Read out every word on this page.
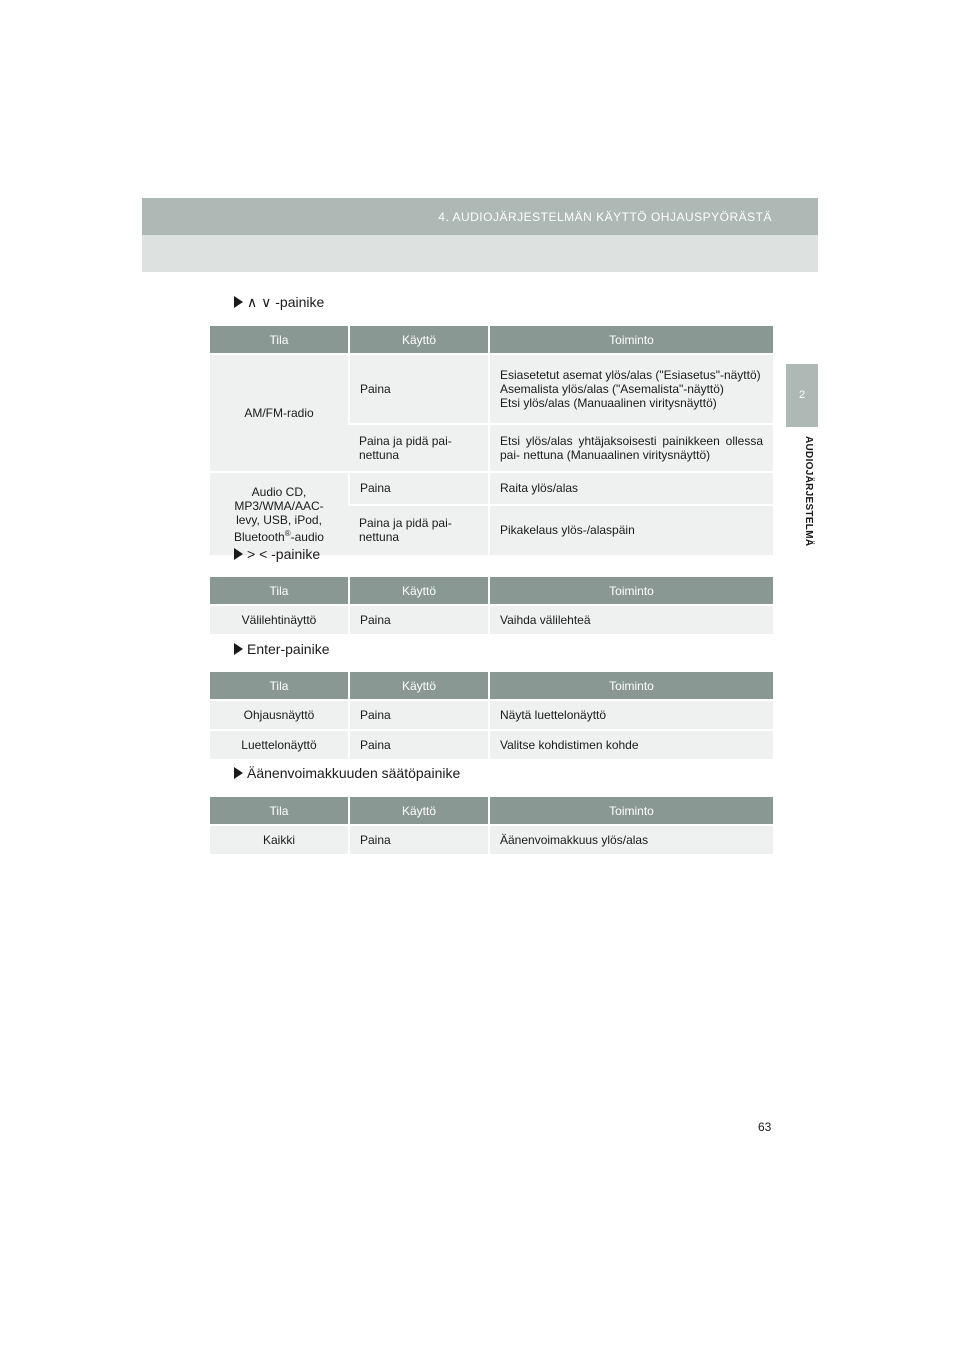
4. AUDIOJÄRJESTELMÄN KÄYTTÖ OHJAUSPYÖRÄSTÄ
2
AUDIOJÄRJESTELMÄ
∧ ∨ -painike
Tila	Käyttö	Toiminto
AM/FM-radio	Paina	Esiasetetut asemat ylös/alas ("Esiasetus"-näyttö)
Asemalista ylös/alas ("Asemalista"-näyttö)
Etsi ylös/alas (Manuaalinen viritysnäyttö)

	Paina ja pidä pai- nettuna	Etsi ylös/alas yhtäjaksoisesti painikkeen ollessa pai- nettuna (Manuaalinen viritysnäyttö)

Audio CD,
MP3/WMA/AAC-
levy, USB, iPod,
Bluetooth®-audio	Paina	Raita ylös/alas
	Paina ja pidä pai- nettuna	Pikakelaus ylös-/alaspäin
> < -painike
Tila	Käyttö	Toiminto
Välilehtinäyttö	Paina	Vaihda välilehteä
Enter-painike
Tila	Käyttö	Toiminto
Ohjausnäyttö	Paina	Näytä luettelonäyttö
Luettelonäyttö	Paina	Valitse kohdistimen kohde
Äänenvoimakkuuden säätöpainike
Tila	Käyttö	Toiminto
Kaikki	Paina	Äänenvoimakkuus ylös/alas
63
